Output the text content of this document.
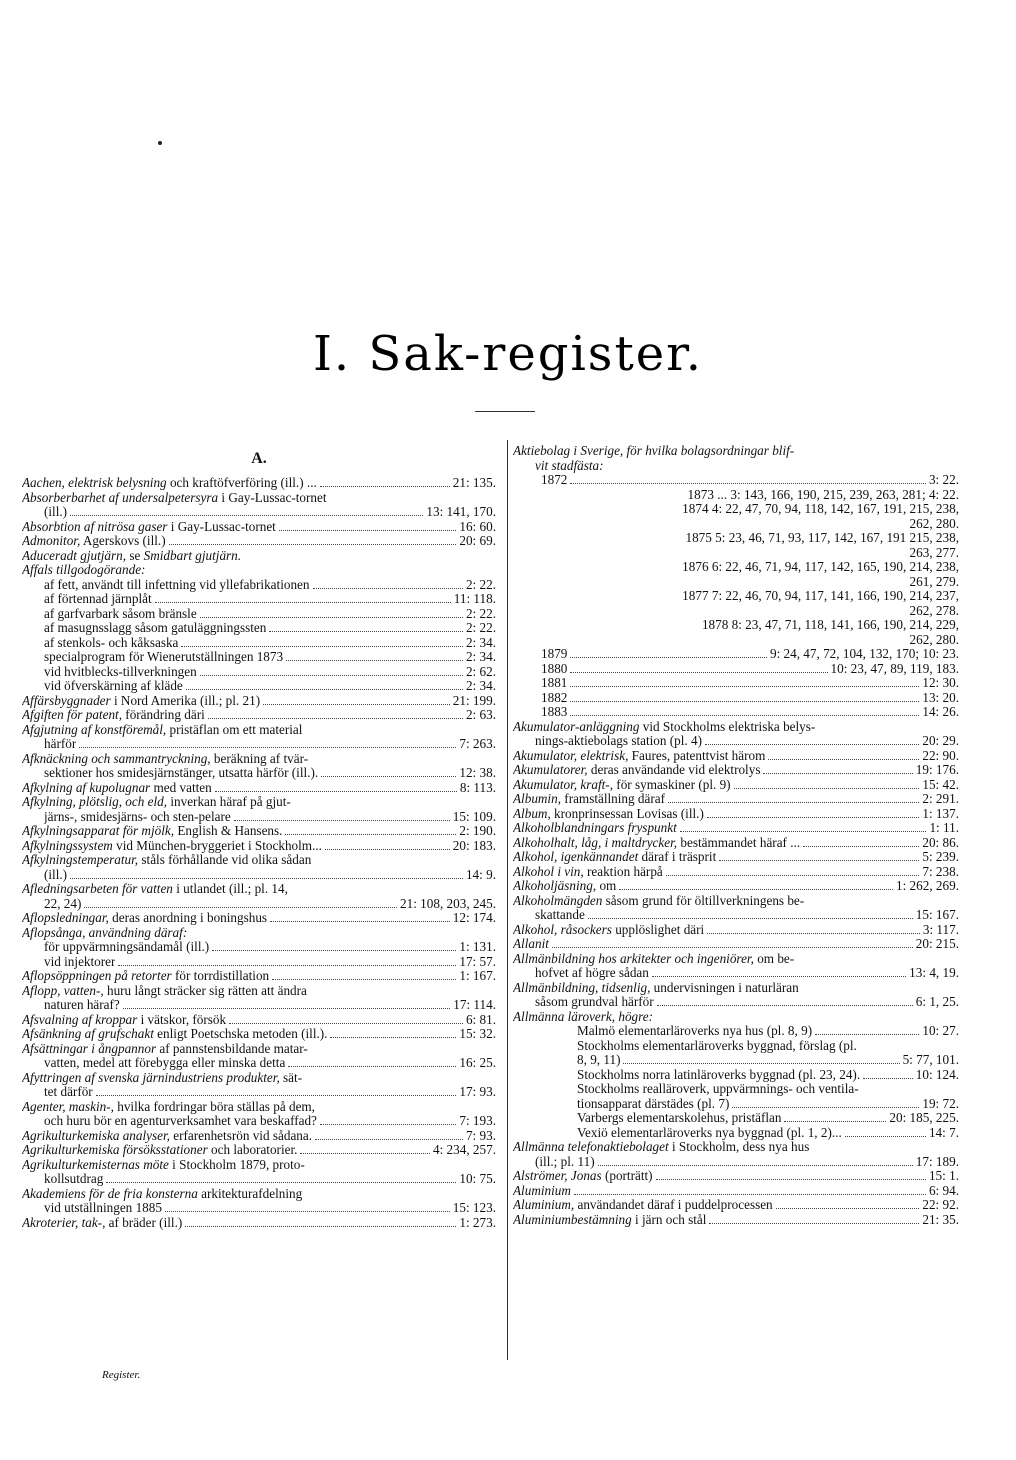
I. Sak-register.
A.
Aachen, elektrisk belysning och kraftöfverföring (ill.) ...	21: 135.
Absorberbarhet af undersalpetersyra i Gay-Lussac-tornet
(ill.)	13: 141, 170.
Absorbtion af nitrösa gaser i Gay-Lussac-tornet	16: 60.
Admonitor, Agerskovs (ill.)	20: 69.
Aduceradt gjutjärn, se Smidbart gjutjärn.
Affals tillgodogörande:
af fett, användt till infettning vid yllefabrikationen	2: 22.
af förtennad järnplåt	11: 118.
af garfvarbark såsom bränsle	2: 22.
af masugnsslagg såsom gatuläggningssten	2: 22.
af stenkols- och kåksaska	2: 34.
specialprogram för Wienerutställningen 1873	2: 34.
vid hvitblecks-tillverkningen	2: 62.
vid öfverskärning af kläde	2: 34.
Affärsbyggnader i Nord Amerika (ill.; pl. 21)	21: 199.
Afgiften för patent, förändring däri	2: 63.
Afgjutning af konstföremål, pristäflan om ett material
härför	7: 263.
Afknäckning och sammantryckning, beräkning af tvär-
sektioner hos smidesjärnstänger, utsatta härför (ill.).	12: 38.
Afkylning af kupolugnar med vatten	8: 113.
Afkylning, plötslig, och eld, inverkan häraf på gjut-
järns-, smidesjärns- och sten-pelare	15: 109.
Afkylningsapparat för mjölk, English & Hansens.	2: 190.
Afkylningssystem vid München-bryggeriet i Stockholm...	20: 183.
Afkylningstemperatur, ståls förhållande vid olika sådan
(ill.)	14: 9.
Afledningsarbeten för vatten i utlandet (ill.; pl. 14,
22, 24)	21: 108, 203, 245.
Aflopsledningar, deras anordning i boningshus	12: 174.
Aflopsånga, användning däraf:
för uppvärmningsändamål (ill.)	1: 131.
vid injektorer	17: 57.
Aflopsöppningen på retorter för torrdistillation	1: 167.
Aflopp, vatten-, huru långt sträcker sig rätten att ändra
naturen häraf?	17: 114.
Afsvalning af kroppar i vätskor, försök	6: 81.
Afsänkning af grufschakt enligt Poetschska metoden (ill.).	15: 32.
Afsättningar i ångpannor af pannstensbildande matar-
vatten, medel att förebygga eller minska detta	16: 25.
Afyttringen af svenska järnindustriens produkter, sät-
tet därför	17: 93.
Agenter, maskin-, hvilka fordringar böra ställas på dem,
och huru bör en agenturverksamhet vara beskaffad?	7: 193.
Agrikulturkemiska analyser, erfarenhetsrön vid sådana.	7: 93.
Agrikulturkemiska försöksstationer och laboratorier.	4: 234, 257.
Agrikulturkemisternas möte i Stockholm 1879, proto-
kollsutdrag	10: 75.
Akademiens för de fria konsterna arkitekturafdelning
vid utställningen 1885	15: 123.
Akroterier, tak-, af bräder (ill.)	1: 273.
Aktiebolag i Sverige, för hvilka bolagsordningar blif-
vit stadfästa:
1872	3: 22.
1873 ... 3: 143, 166, 190, 215, 239, 263, 281; 4: 22.
1874 4: 22, 47, 70, 94, 118, 142, 167, 191, 215, 238,
262, 280.
1875 5: 23, 46, 71, 93, 117, 142, 167, 191 215, 238,
263, 277.
1876 6: 22, 46, 71, 94, 117, 142, 165, 190, 214, 238,
261, 279.
1877 7: 22, 46, 70, 94, 117, 141, 166, 190, 214, 237,
262, 278.
1878 8: 23, 47, 71, 118, 141, 166, 190, 214, 229,
262, 280.
1879	9: 24, 47, 72, 104, 132, 170; 10: 23.
1880	10: 23, 47, 89, 119, 183.
1881	12: 30.
1882	13: 20.
1883	14: 26.
Akumulator-anläggning vid Stockholms elektriska belys-
nings-aktiebolags station (pl. 4)	20: 29.
Akumulator, elektrisk, Faures, patenttvist härom	22: 90.
Akumulatorer, deras användande vid elektrolys	19: 176.
Akumulator, kraft-, för symaskiner (pl. 9)	15: 42.
Albumin, framställning däraf	2: 291.
Album, kronprinsessan Lovisas (ill.)	1: 137.
Alkoholblandningars fryspunkt	1: 11.
Alkoholhalt, låg, i maltdrycker, bestämmandet häraf ...	20: 86.
Alkohol, igenkännandet däraf i träsprit	5: 239.
Alkohol i vin, reaktion härpå	7: 238.
Alkoholjäsning, om	1: 262, 269.
Alkoholmängden såsom grund för öltillverkningens be-
skattande	15: 167.
Alkohol, råsockers upplöslighet däri	3: 117.
Allanit	20: 215.
Allmänbildning hos arkitekter och ingeniörer, om be-
hofvet af högre sådan	13: 4, 19.
Allmänbildning, tidsenlig, undervisningen i naturläran
såsom grundval härför	6: 1, 25.
Allmänna läroverk, högre:
Malmö elementarläroverks nya hus (pl. 8, 9)	10: 27.
Stockholms elementarläroverks byggnad, förslag (pl.
8, 9, 11)	5: 77, 101.
Stockholms norra latinläroverks byggnad (pl. 23, 24).	10: 124.
Stockholms realläroverk, uppvärmnings- och ventila-
tionsapparat därstädes (pl. 7)	19: 72.
Varbergs elementarskolehus, pristäflan	20: 185, 225.
Vexiö elementarläroverks nya byggnad (pl. 1, 2)...	14: 7.
Allmänna telefonaktiebolaget i Stockholm, dess nya hus
(ill.; pl. 11)	17: 189.
Alströmer, Jonas (porträtt)	15: 1.
Aluminium	6: 94.
Aluminium, användandet däraf i puddelprocessen	22: 92.
Aluminiumbestämning i järn och stål	21: 35.
Register.
